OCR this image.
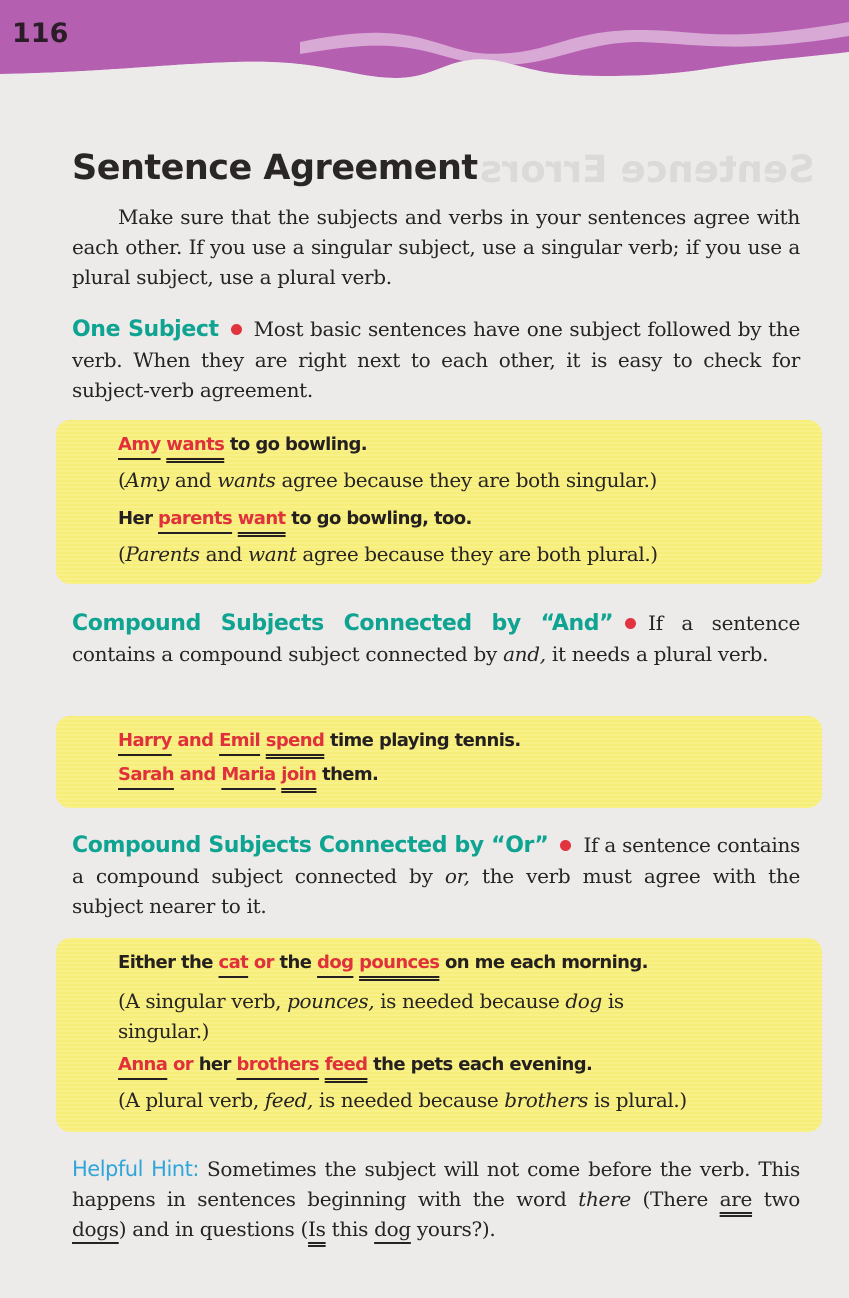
116
Sentence Errors
Sentence Agreement
Make sure that the subjects and verbs in your sentences agree with each other. If you use a singular subject, use a singular verb; if you use a plural subject, use a plural verb.
One Subject Most basic sentences have one subject followed by the verb. When they are right next to each other, it is easy to check for subject-verb agreement.
Amy wants to go bowling.
(Amy and wants agree because they are both singular.)
Her parents want to go bowling, too.
(Parents and want agree because they are both plural.)
Compound Subjects Connected by “And” If a sentence contains a compound subject connected by and, it needs a plural verb.
Harry and Emil spend time playing tennis.
Sarah and Maria join them.
Compound Subjects Connected by “Or” If a sentence contains a compound subject connected by or, the verb must agree with the subject nearer to it.
Either the cat or the dog pounces on me each morning.
(A singular verb, pounces, is needed because dog is singular.)
Anna or her brothers feed the pets each evening.
(A plural verb, feed, is needed because brothers is plural.)
Helpful Hint: Sometimes the subject will not come before the verb. This happens in sentences beginning with the word there (There are two dogs) and in questions (Is this dog yours?).
